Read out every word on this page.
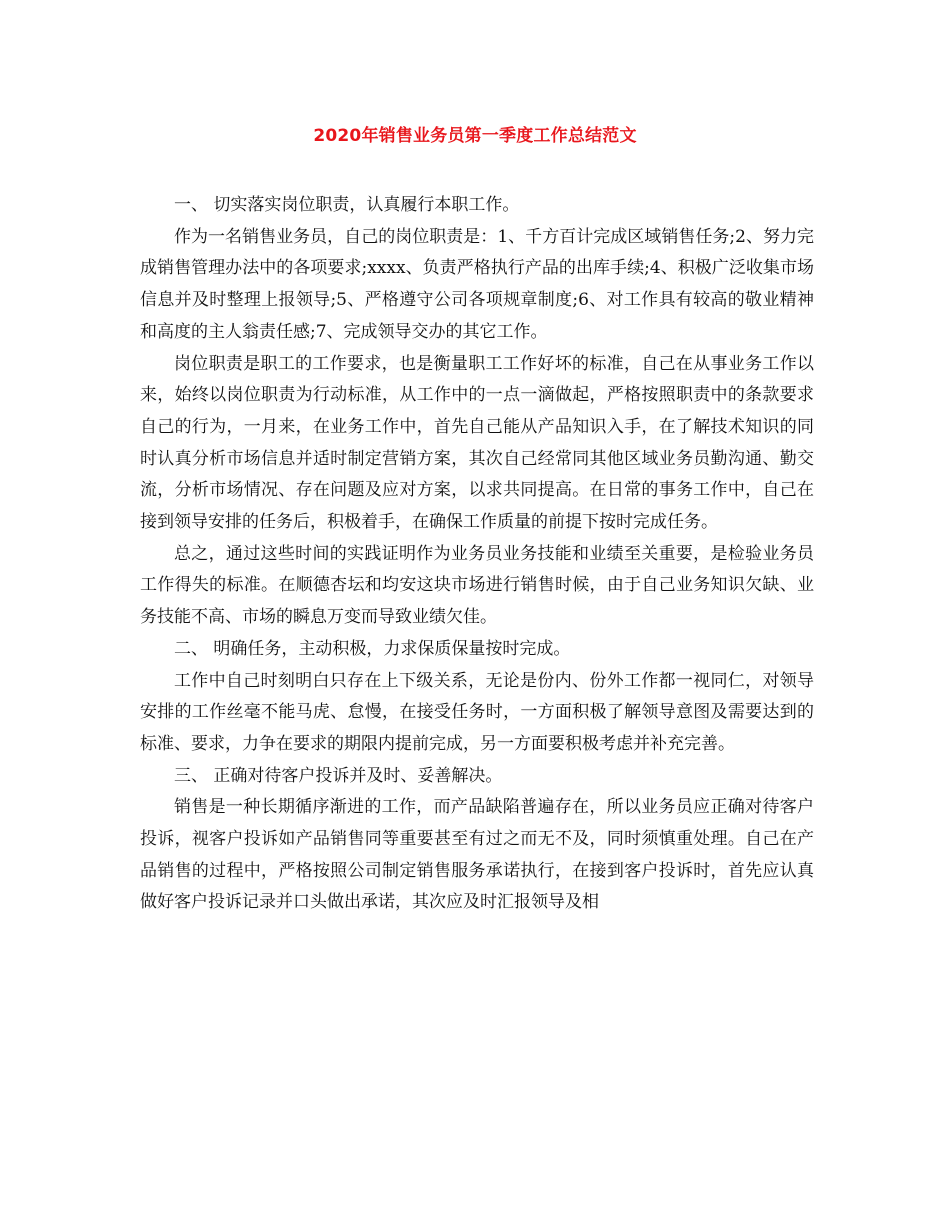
2020年销售业务员第一季度工作总结范文

一、 切实落实岗位职责，认真履行本职工作。

作为一名销售业务员，自己的岗位职责是：1、千方百计完成区域销售任务;2、努力完成销售管理办法中的各项要求;xxxx、负责严格执行产品的出库手续;4、积极广泛收集市场信息并及时整理上报领导;5、严格遵守公司各项规章制度;6、对工作具有较高的敬业精神和高度的主人翁责任感;7、完成领导交办的其它工作。

岗位职责是职工的工作要求，也是衡量职工工作好坏的标准，自己在从事业务工作以来，始终以岗位职责为行动标准，从工作中的一点一滴做起，严格按照职责中的条款要求自己的行为，一月来，在业务工作中，首先自己能从产品知识入手，在了解技术知识的同时认真分析市场信息并适时制定营销方案，其次自己经常同其他区域业务员勤沟通、勤交流，分析市场情况、存在问题及应对方案，以求共同提高。在日常的事务工作中，自己在接到领导安排的任务后，积极着手，在确保工作质量的前提下按时完成任务。

总之，通过这些时间的实践证明作为业务员业务技能和业绩至关重要，是检验业务员工作得失的标准。在顺德杏坛和均安这块市场进行销售时候，由于自己业务知识欠缺、业务技能不高、市场的瞬息万变而导致业绩欠佳。

二、 明确任务，主动积极，力求保质保量按时完成。

工作中自己时刻明白只存在上下级关系，无论是份内、份外工作都一视同仁，对领导安排的工作丝毫不能马虎、怠慢，在接受任务时，一方面积极了解领导意图及需要达到的标准、要求，力争在要求的期限内提前完成，另一方面要积极考虑并补充完善。

三、 正确对待客户投诉并及时、妥善解决。

销售是一种长期循序渐进的工作，而产品缺陷普遍存在，所以业务员应正确对待客户投诉，视客户投诉如产品销售同等重要甚至有过之而无不及，同时须慎重处理。自己在产品销售的过程中，严格按照公司制定销售服务承诺执行，在接到客户投诉时，首先应认真做好客户投诉记录并口头做出承诺，其次应及时汇报领导及相
